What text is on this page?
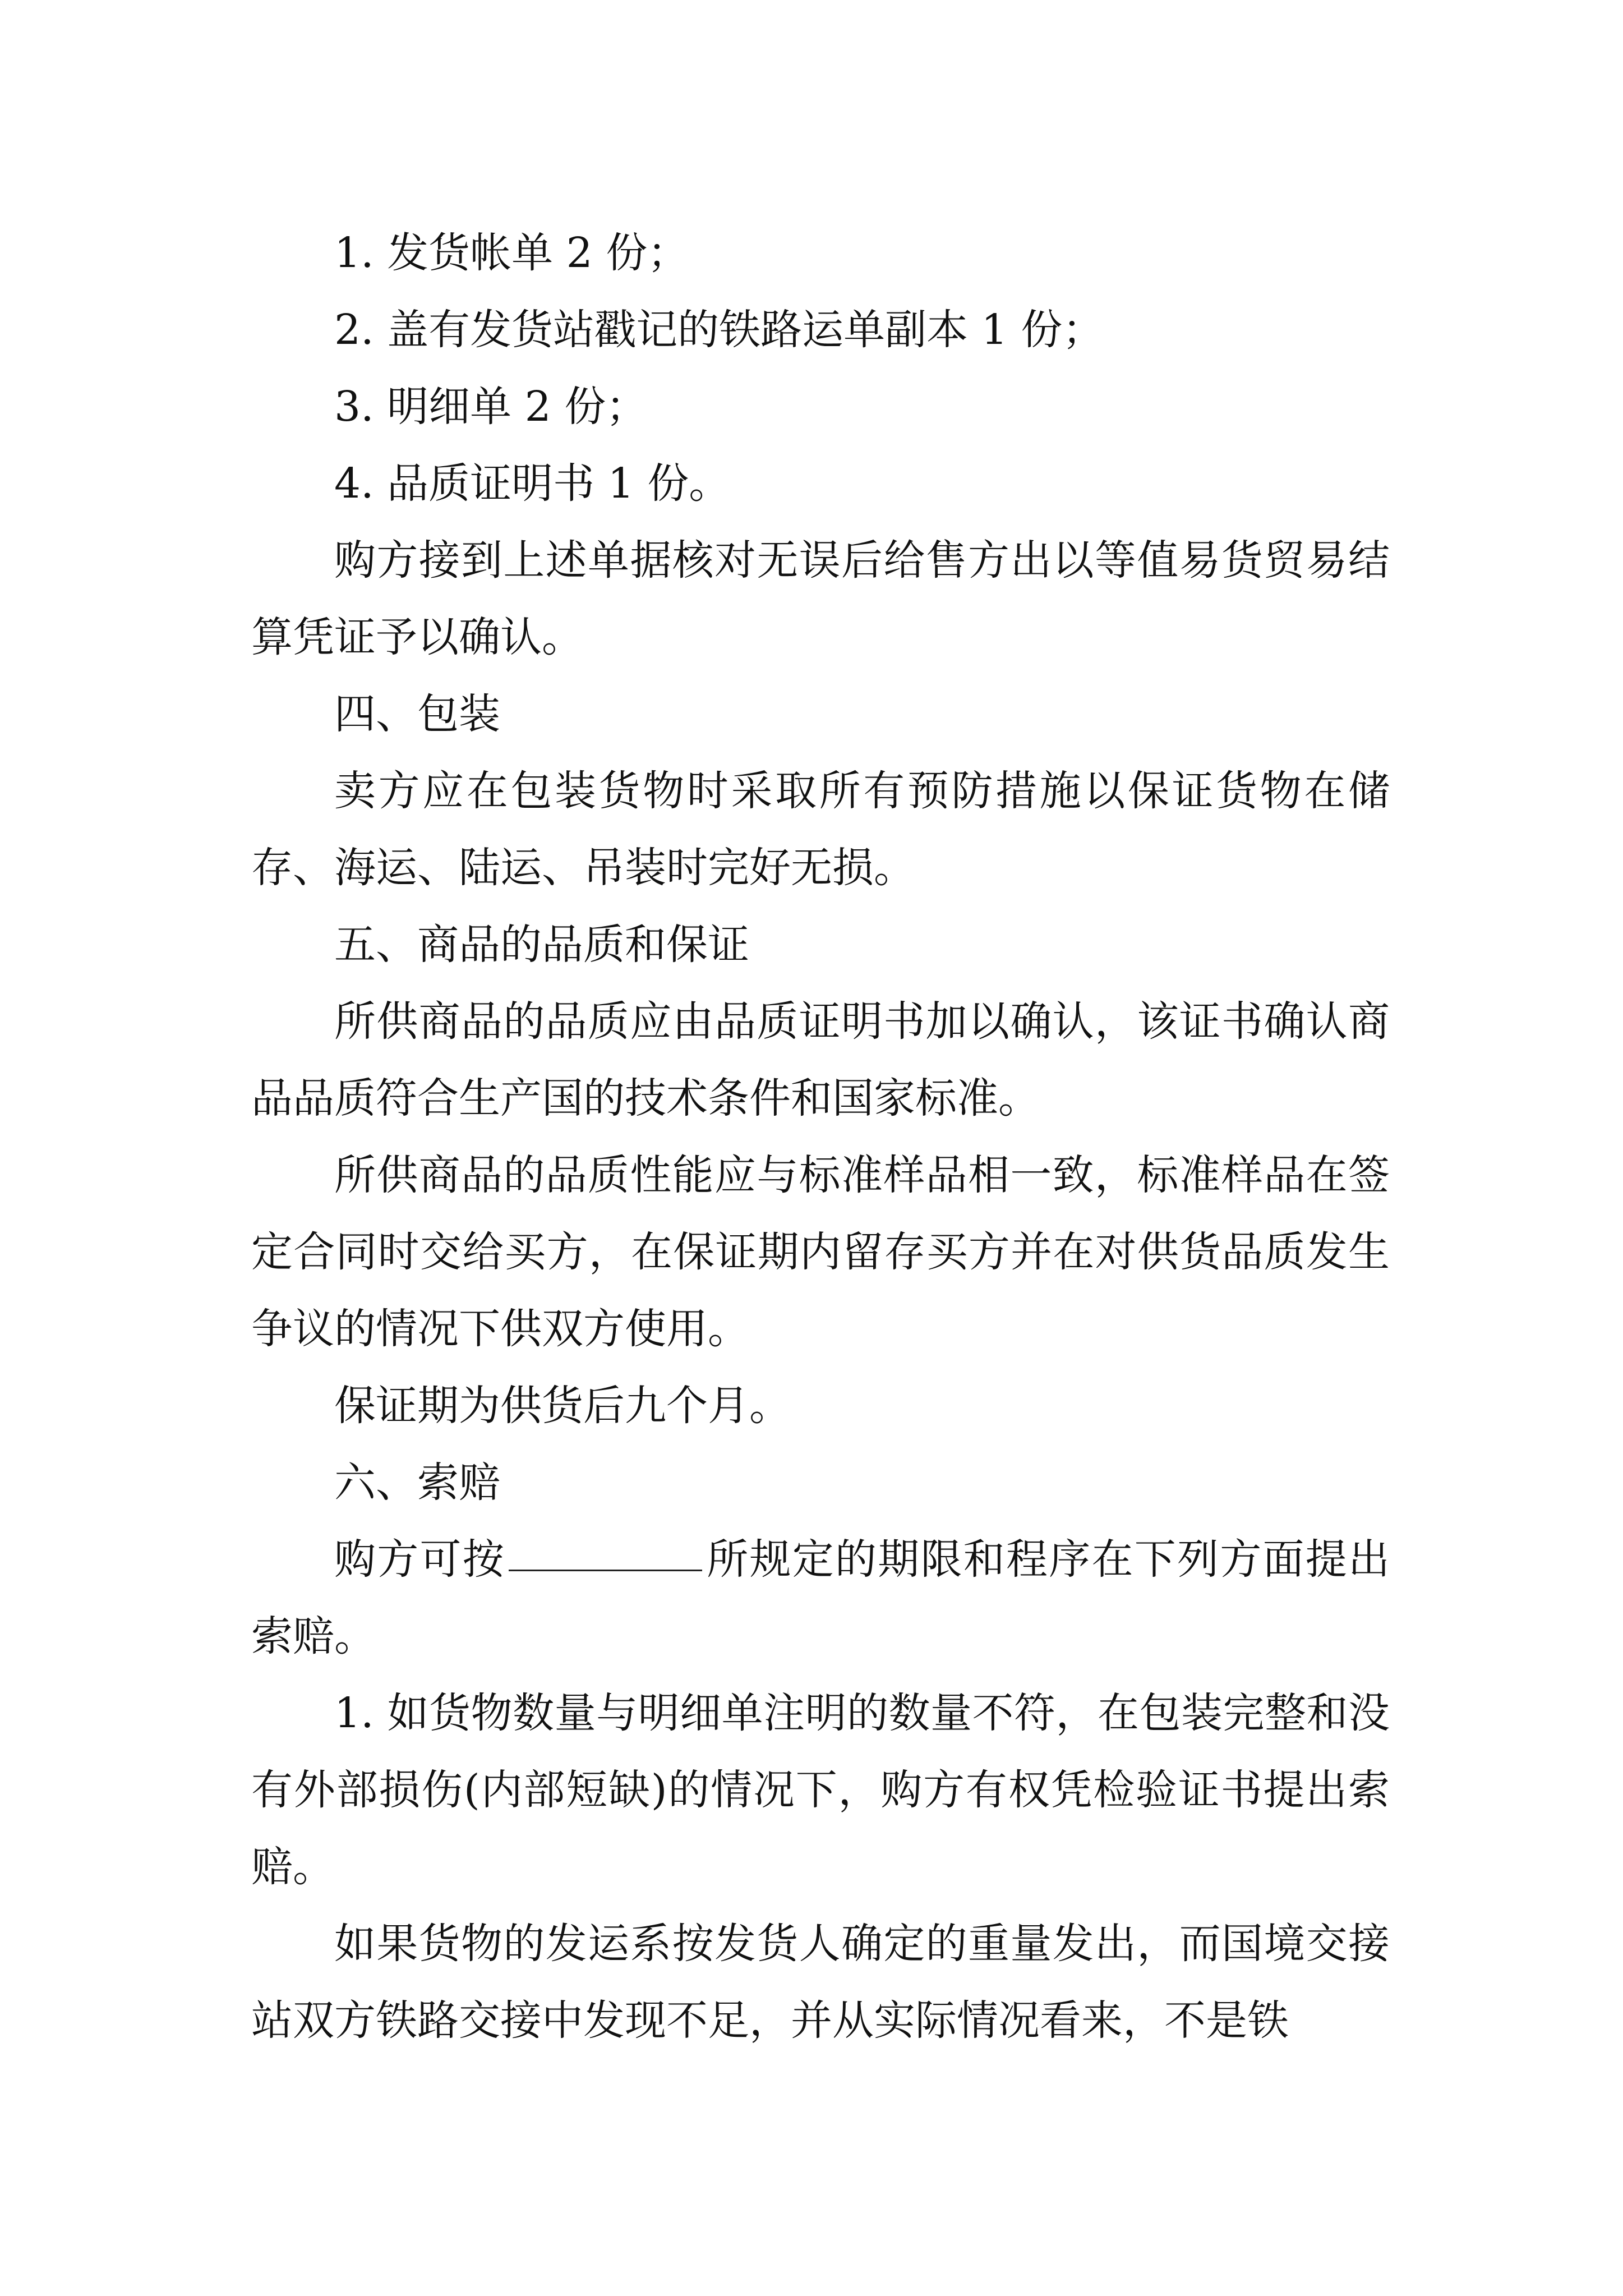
1. 发货帐单 2 份；

2. 盖有发货站戳记的铁路运单副本 1 份；

3. 明细单 2 份；

4. 品质证明书 1 份。

购方接到上述单据核对无误后给售方出以等值易货贸易结算凭证予以确认。

四、包装

卖方应在包装货物时采取所有预防措施以保证货物在储存、海运、陆运、吊装时完好无损。

五、商品的品质和保证

所供商品的品质应由品质证明书加以确认，该证书确认商品品质符合生产国的技术条件和国家标准。

所供商品的品质性能应与标准样品相一致，标准样品在签定合同时交给买方，在保证期内留存买方并在对供货品质发生争议的情况下供双方使用。

保证期为供货后九个月。

六、索赔

购方可按	所规定的期限和程序在下列方面提出索赔。

1. 如货物数量与明细单注明的数量不符，在包装完整和没有外部损伤(内部短缺)的情况下，购方有权凭检验证书提出索赔。

如果货物的发运系按发货人确定的重量发出，而国境交接站双方铁路交接中发现不足，并从实际情况看来，不是铁
